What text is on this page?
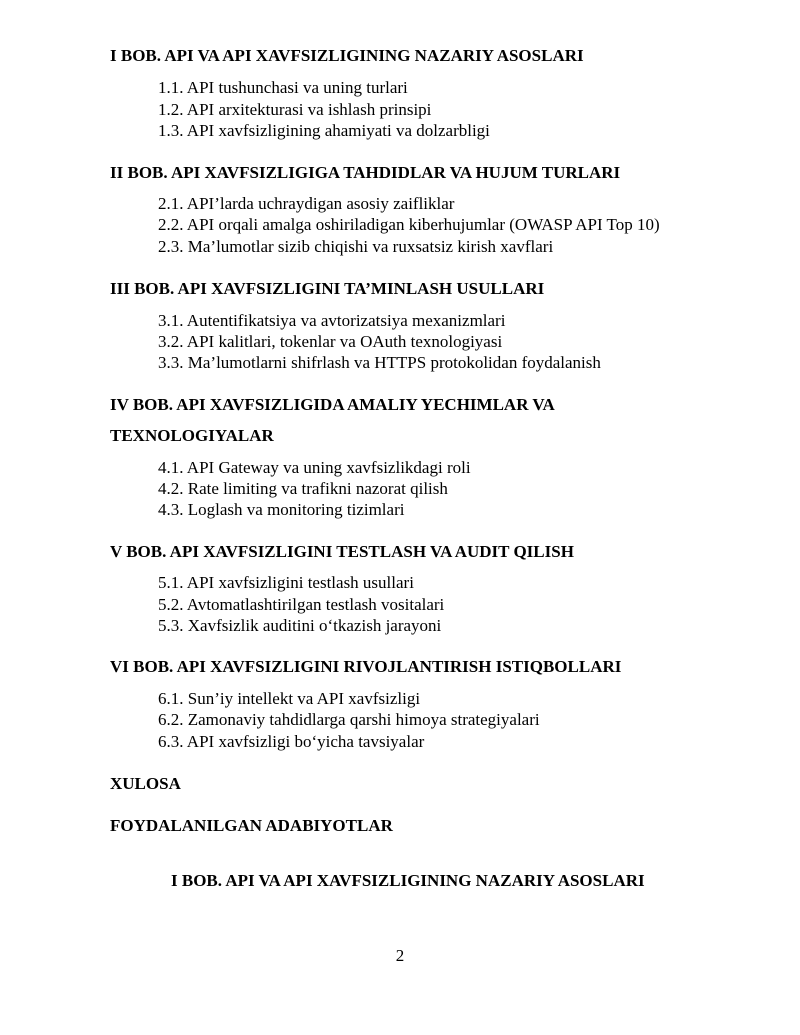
I BOB. API VA API XAVFSIZLIGINING NAZARIY ASOSLARI
1.1. API tushunchasi va uning turlari
1.2. API arxitekturasi va ishlash prinsipi
1.3. API xavfsizligining ahamiyati va dolzarbligi
II BOB. API XAVFSIZLIGIGA TAHDIDLAR VA HUJUM TURLARI
2.1. API’larda uchraydigan asosiy zaifliklar
2.2. API orqali amalga oshiriladigan kiberhujumlar (OWASP API Top 10)
2.3. Ma’lumotlar sizib chiqishi va ruxsatsiz kirish xavflari
III BOB. API XAVFSIZLIGINI TA’MINLASH USULLARI
3.1. Autentifikatsiya va avtorizatsiya mexanizmlari
3.2. API kalitlari, tokenlar va OAuth texnologiyasi
3.3. Ma’lumotlarni shifrlash va HTTPS protokolidan foydalanish
IV BOB. API XAVFSIZLIGIDA AMALIY YECHIMLAR VA
TEXNOLOGIYALAR
4.1. API Gateway va uning xavfsizlikdagi roli
4.2. Rate limiting va trafikni nazorat qilish
4.3. Loglash va monitoring tizimlari
V BOB. API XAVFSIZLIGINI TESTLASH VA AUDIT QILISH
5.1. API xavfsizligini testlash usullari
5.2. Avtomatlashtirilgan testlash vositalari
5.3. Xavfsizlik auditini o‘tkazish jarayoni
VI BOB. API XAVFSIZLIGINI RIVOJLANTIRISH ISTIQBOLLARI
6.1. Sun’iy intellekt va API xavfsizligi
6.2. Zamonaviy tahdidlarga qarshi himoya strategiyalari
6.3. API xavfsizligi bo‘yicha tavsiyalar
XULOSA
FOYDALANILGAN ADABIYOTLAR
I BOB. API VA API XAVFSIZLIGINING NAZARIY ASOSLARI
2
